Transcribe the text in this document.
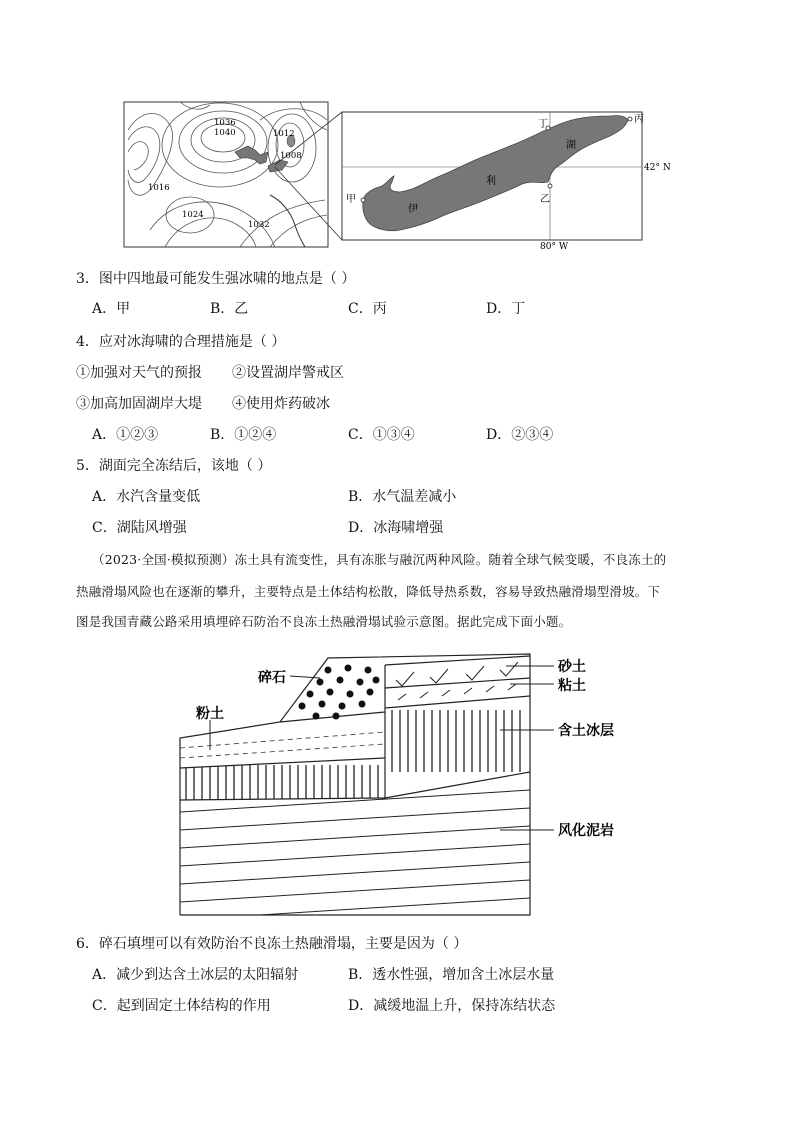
1036
1040	1012
1008
1016
1024
1032
丁	丙
湖
利
乙
甲
伊
42° N
80° W
3．图中四地最可能发生强冰啸的地点是（ ）
A．甲	B．乙	C．丙	D．丁
4．应对冰海啸的合理措施是（ ）
①加强对天气的预报 ②设置湖岸警戒区
③加高加固湖岸大堤 ④使用炸药破冰
A．①②③	B．①②④	C．①③④	D．②③④
5．湖面完全冻结后，该地（ ）
A．水汽含量变低	B．水气温差减小
C．湖陆风增强	D．冰海啸增强
（2023·全国·模拟预测）冻土具有流变性，具有冻胀与融沉两种风险。随着全球气候变暖，不良冻土的
热融滑塌风险也在逐渐的攀升，主要特点是土体结构松散，降低导热系数，容易导致热融滑塌型滑坡。下
图是我国青藏公路采用填埋碎石防治不良冻土热融滑塌试验示意图。据此完成下面小题。
碎石
砂土
粘土
粉土
含土冰层
风化泥岩
6．碎石填埋可以有效防治不良冻土热融滑塌，主要是因为（ ）
A．减少到达含土冰层的太阳辐射	B．透水性强，增加含土冰层水量
C．起到固定土体结构的作用	D．减缓地温上升，保持冻结状态
